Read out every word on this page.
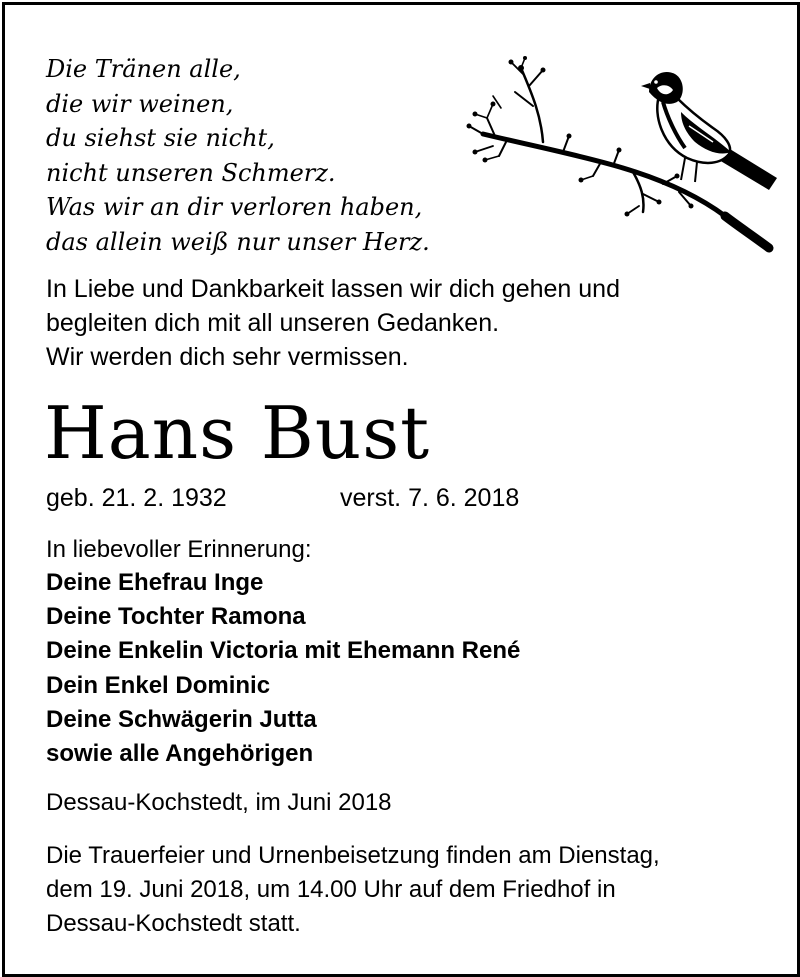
Die Tränen alle,
die wir weinen,
du siehst sie nicht,
nicht unseren Schmerz.
Was wir an dir verloren haben,
das allein weiß nur unser Herz.
In Liebe und Dankbarkeit lassen wir dich gehen und
begleiten dich mit all unseren Gedanken.
Wir werden dich sehr vermissen.
Hans Bust
geb. 21. 2. 1932	verst. 7. 6. 2018
In liebevoller Erinnerung:
Deine Ehefrau Inge
Deine Tochter Ramona
Deine Enkelin Victoria mit Ehemann René
Dein Enkel Dominic
Deine Schwägerin Jutta
sowie alle Angehörigen
Dessau-Kochstedt, im Juni 2018
Die Trauerfeier und Urnenbeisetzung finden am Dienstag,
dem 19. Juni 2018, um 14.00 Uhr auf dem Friedhof in
Dessau-Kochstedt statt.
